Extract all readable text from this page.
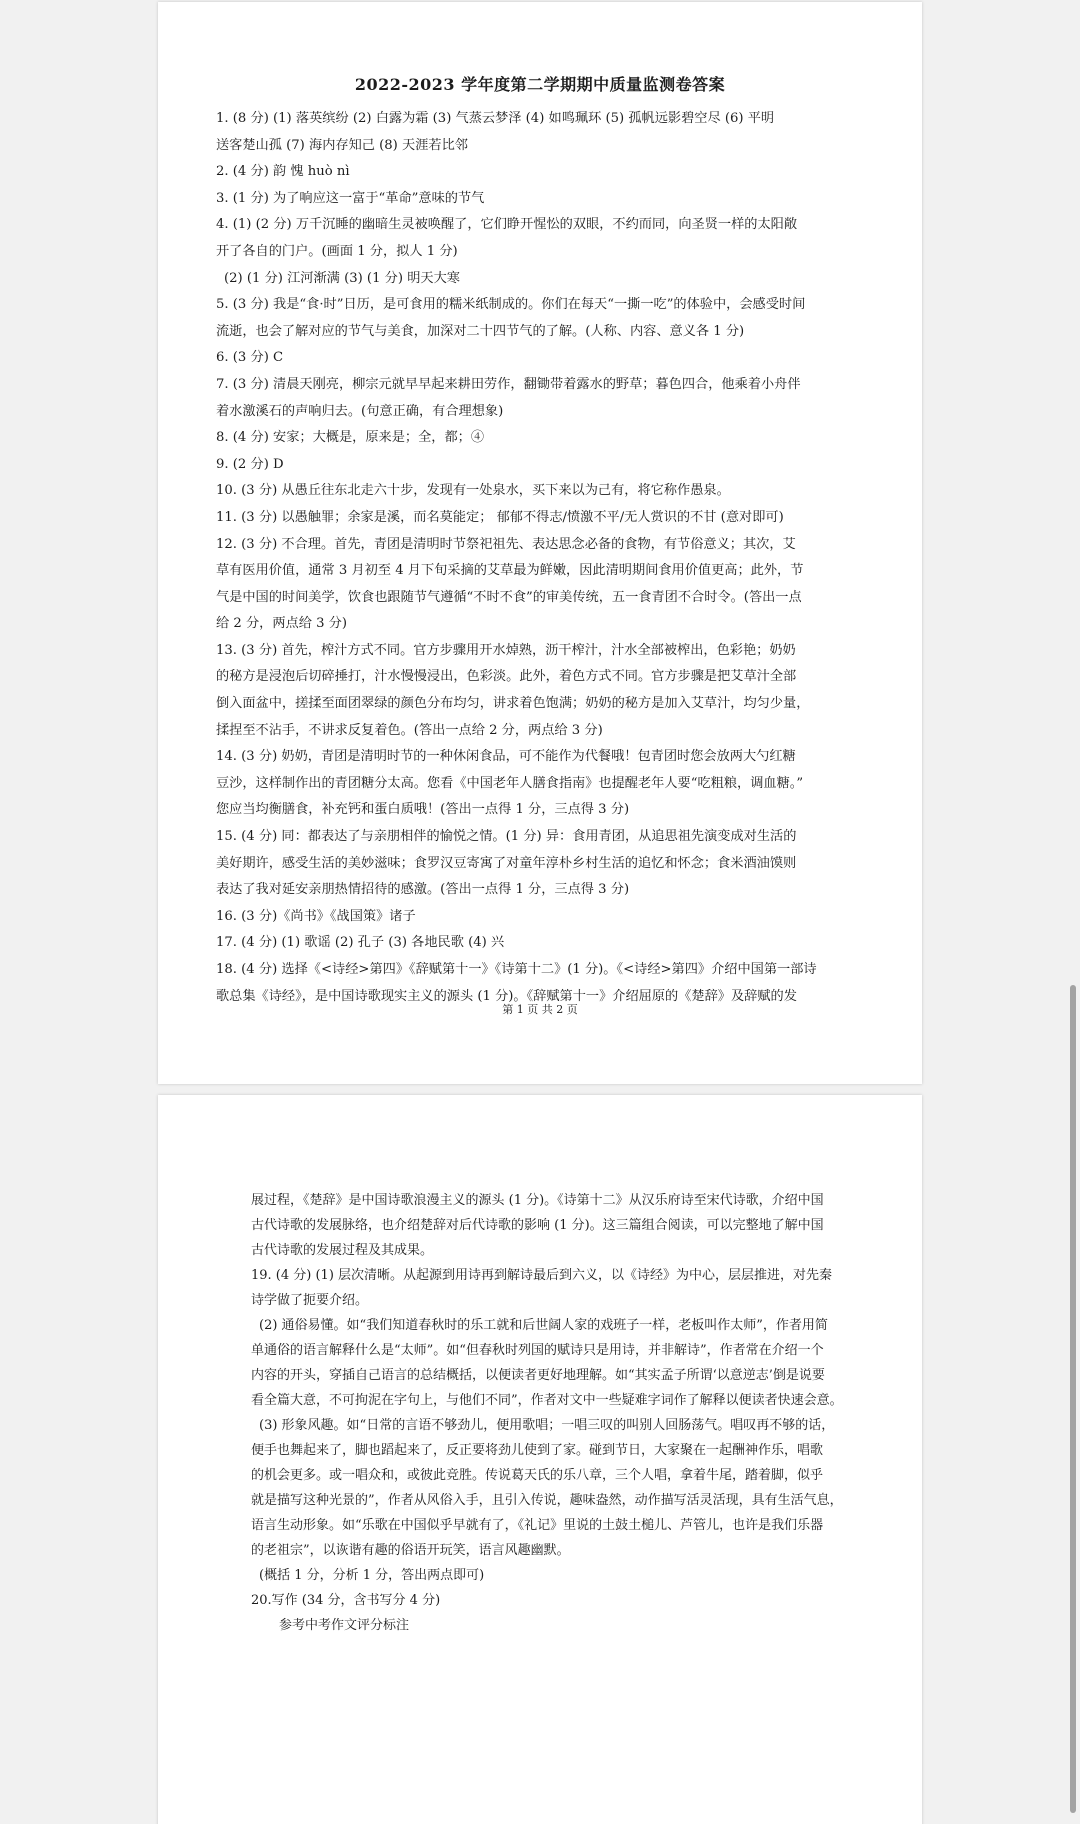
2022-2023 学年度第二学期期中质量监测卷答案
1. (8 分) (1) 落英缤纷 (2) 白露为霜 (3) 气蒸云梦泽 (4) 如鸣珮环 (5) 孤帆远影碧空尽 (6) 平明
送客楚山孤 (7) 海内存知己 (8) 天涯若比邻
2. (4 分) 韵 愧 huò nì
3. (1 分) 为了响应这一富于“革命”意味的节气
4. (1) (2 分) 万千沉睡的幽暗生灵被唤醒了，它们睁开惺忪的双眼，不约而同，向圣贤一样的太阳敞
开了各自的门户。(画面 1 分，拟人 1 分)
(2) (1 分) 江河渐满 (3) (1 分) 明天大寒
5. (3 分) 我是“食·时”日历，是可食用的糯米纸制成的。你们在每天“一撕一吃”的体验中，会感受时间
流逝，也会了解对应的节气与美食，加深对二十四节气的了解。(人称、内容、意义各 1 分)
6. (3 分) C
7. (3 分) 清晨天刚亮，柳宗元就早早起来耕田劳作，翻锄带着露水的野草；暮色四合，他乘着小舟伴
着水激溪石的声响归去。(句意正确，有合理想象)
8. (4 分) 安家；大概是，原来是；全，都；④
9. (2 分) D
10. (3 分) 从愚丘往东北走六十步，发现有一处泉水，买下来以为己有，将它称作愚泉。
11. (3 分) 以愚触罪；余家是溪，而名莫能定； 郁郁不得志/愤激不平/无人赏识的不甘 (意对即可)
12. (3 分) 不合理。首先，青团是清明时节祭祀祖先、表达思念必备的食物，有节俗意义；其次，艾
草有医用价值，通常 3 月初至 4 月下旬采摘的艾草最为鲜嫩，因此清明期间食用价值更高；此外，节
气是中国的时间美学，饮食也跟随节气遵循“不时不食”的审美传统，五一食青团不合时令。(答出一点
给 2 分，两点给 3 分)
13. (3 分) 首先，榨汁方式不同。官方步骤用开水焯熟，沥干榨汁，汁水全部被榨出，色彩艳；奶奶
的秘方是浸泡后切碎捶打，汁水慢慢浸出，色彩淡。此外，着色方式不同。官方步骤是把艾草汁全部
倒入面盆中，搓揉至面团翠绿的颜色分布均匀，讲求着色饱满；奶奶的秘方是加入艾草汁，均匀少量，
揉捏至不沾手，不讲求反复着色。(答出一点给 2 分，两点给 3 分)
14. (3 分) 奶奶，青团是清明时节的一种休闲食品，可不能作为代餐哦！包青团时您会放两大勺红糖
豆沙，这样制作出的青团糖分太高。您看《中国老年人膳食指南》也提醒老年人要“吃粗粮，调血糖。”
您应当均衡膳食，补充钙和蛋白质哦！(答出一点得 1 分，三点得 3 分)
15. (4 分) 同：都表达了与亲朋相伴的愉悦之情。(1 分) 异：食用青团，从追思祖先演变成对生活的
美好期许，感受生活的美妙滋味；食罗汉豆寄寓了对童年淳朴乡村生活的追忆和怀念；食米酒油馍则
表达了我对延安亲朋热情招待的感激。(答出一点得 1 分，三点得 3 分)
16. (3 分)《尚书》《战国策》诸子
17. (4 分) (1) 歌谣 (2) 孔子 (3) 各地民歌 (4) 兴
18. (4 分) 选择《<诗经>第四》《辞赋第十一》《诗第十二》(1 分)。《<诗经>第四》介绍中国第一部诗
歌总集《诗经》，是中国诗歌现实主义的源头 (1 分)。《辞赋第十一》介绍屈原的《楚辞》及辞赋的发
第 1 页 共 2 页
展过程，《楚辞》是中国诗歌浪漫主义的源头 (1 分)。《诗第十二》从汉乐府诗至宋代诗歌，介绍中国
古代诗歌的发展脉络，也介绍楚辞对后代诗歌的影响 (1 分)。这三篇组合阅读，可以完整地了解中国
古代诗歌的发展过程及其成果。
19. (4 分) (1) 层次清晰。从起源到用诗再到解诗最后到六义，以《诗经》为中心，层层推进，对先秦
诗学做了扼要介绍。
(2) 通俗易懂。如“我们知道春秋时的乐工就和后世阔人家的戏班子一样，老板叫作太师”，作者用简
单通俗的语言解释什么是“太师”。如“但春秋时列国的赋诗只是用诗，并非解诗”，作者常在介绍一个
内容的开头，穿插自己语言的总结概括，以便读者更好地理解。如“其实孟子所谓‘以意逆志’倒是说要
看全篇大意，不可拘泥在字句上，与他们不同”，作者对文中一些疑难字词作了解释以便读者快速会意。
(3) 形象风趣。如“日常的言语不够劲儿，便用歌唱；一唱三叹的叫别人回肠荡气。唱叹再不够的话，
便手也舞起来了，脚也蹈起来了，反正要将劲儿使到了家。碰到节日，大家聚在一起酬神作乐，唱歌
的机会更多。或一唱众和，或彼此竞胜。传说葛天氏的乐八章，三个人唱，拿着牛尾，踏着脚，似乎
就是描写这种光景的”，作者从风俗入手，且引入传说，趣味盎然，动作描写活灵活现，具有生活气息，
语言生动形象。如“乐歌在中国似乎早就有了，《礼记》里说的土鼓土槌儿、芦管儿，也许是我们乐器
的老祖宗”，以诙谐有趣的俗语开玩笑，语言风趣幽默。
(概括 1 分，分析 1 分，答出两点即可)
20.写作 (34 分，含书写分 4 分)
参考中考作文评分标注
